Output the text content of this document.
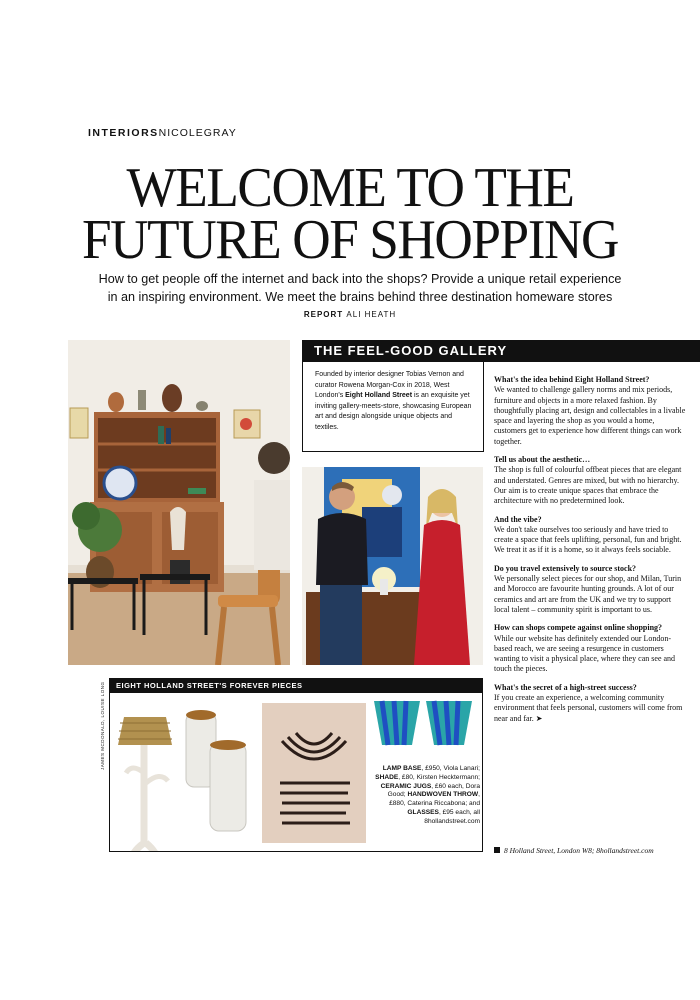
INTERIORSNICOLEGRAY
WELCOME TO THE
FUTURE OF SHOPPING
How to get people off the internet and back into the shops? Provide a unique retail experience
in an inspiring environment. We meet the brains behind three destination homeware stores
REPORT ALI HEATH
THE FEEL-GOOD GALLERY
Founded by interior designer Tobias Vernon and curator Rowena Morgan-Cox in 2018, West London's Eight Holland Street is an exquisite yet inviting gallery-meets-store, showcasing European art and design alongside unique objects and textiles.
What's the idea behind Eight Holland Street?
We wanted to challenge gallery norms and mix periods, furniture and objects in a more relaxed fashion. By thoughtfully placing art, design and collectables in a livable space and layering the shop as you would a home, customers get to experience how different things can work together.
Tell us about the aesthetic…
The shop is full of colourful offbeat pieces that are elegant and understated. Genres are mixed, but with no hierarchy. Our aim is to create unique spaces that embrace the architecture with no predetermined look.
And the vibe?
We don't take ourselves too seriously and have tried to create a space that feels uplifting, personal, fun and bright. We treat it as if it is a home, so it always feels sociable.
Do you travel extensively to source stock?
We personally select pieces for our shop, and Milan, Turin and Morocco are favourite hunting grounds. A lot of our ceramics and art are from the UK and we try to support local talent – community spirit is important to us.
How can shops compete against online shopping?
While our website has definitely extended our London-based reach, we are seeing a resurgence in customers wanting to visit a physical place, where they can see and touch the pieces.
What's the secret of a high-street success?
If you create an experience, a welcoming community environment that feels personal, customers will come from near and far. ➤
8 Holland Street, London W8; 8hollandstreet.com
EIGHT HOLLAND STREET'S FOREVER PIECES
LAMP BASE, £950, Viola Lanari; SHADE, £80, Kirsten Hecktermann; CERAMIC JUGS, £60 each, Dora Good; HANDWOVEN THROW, £880, Caterina Riccabona; and GLASSES, £95 each, all 8hollandstreet.com
JAMES MCDONALD, LOUISE LONG
